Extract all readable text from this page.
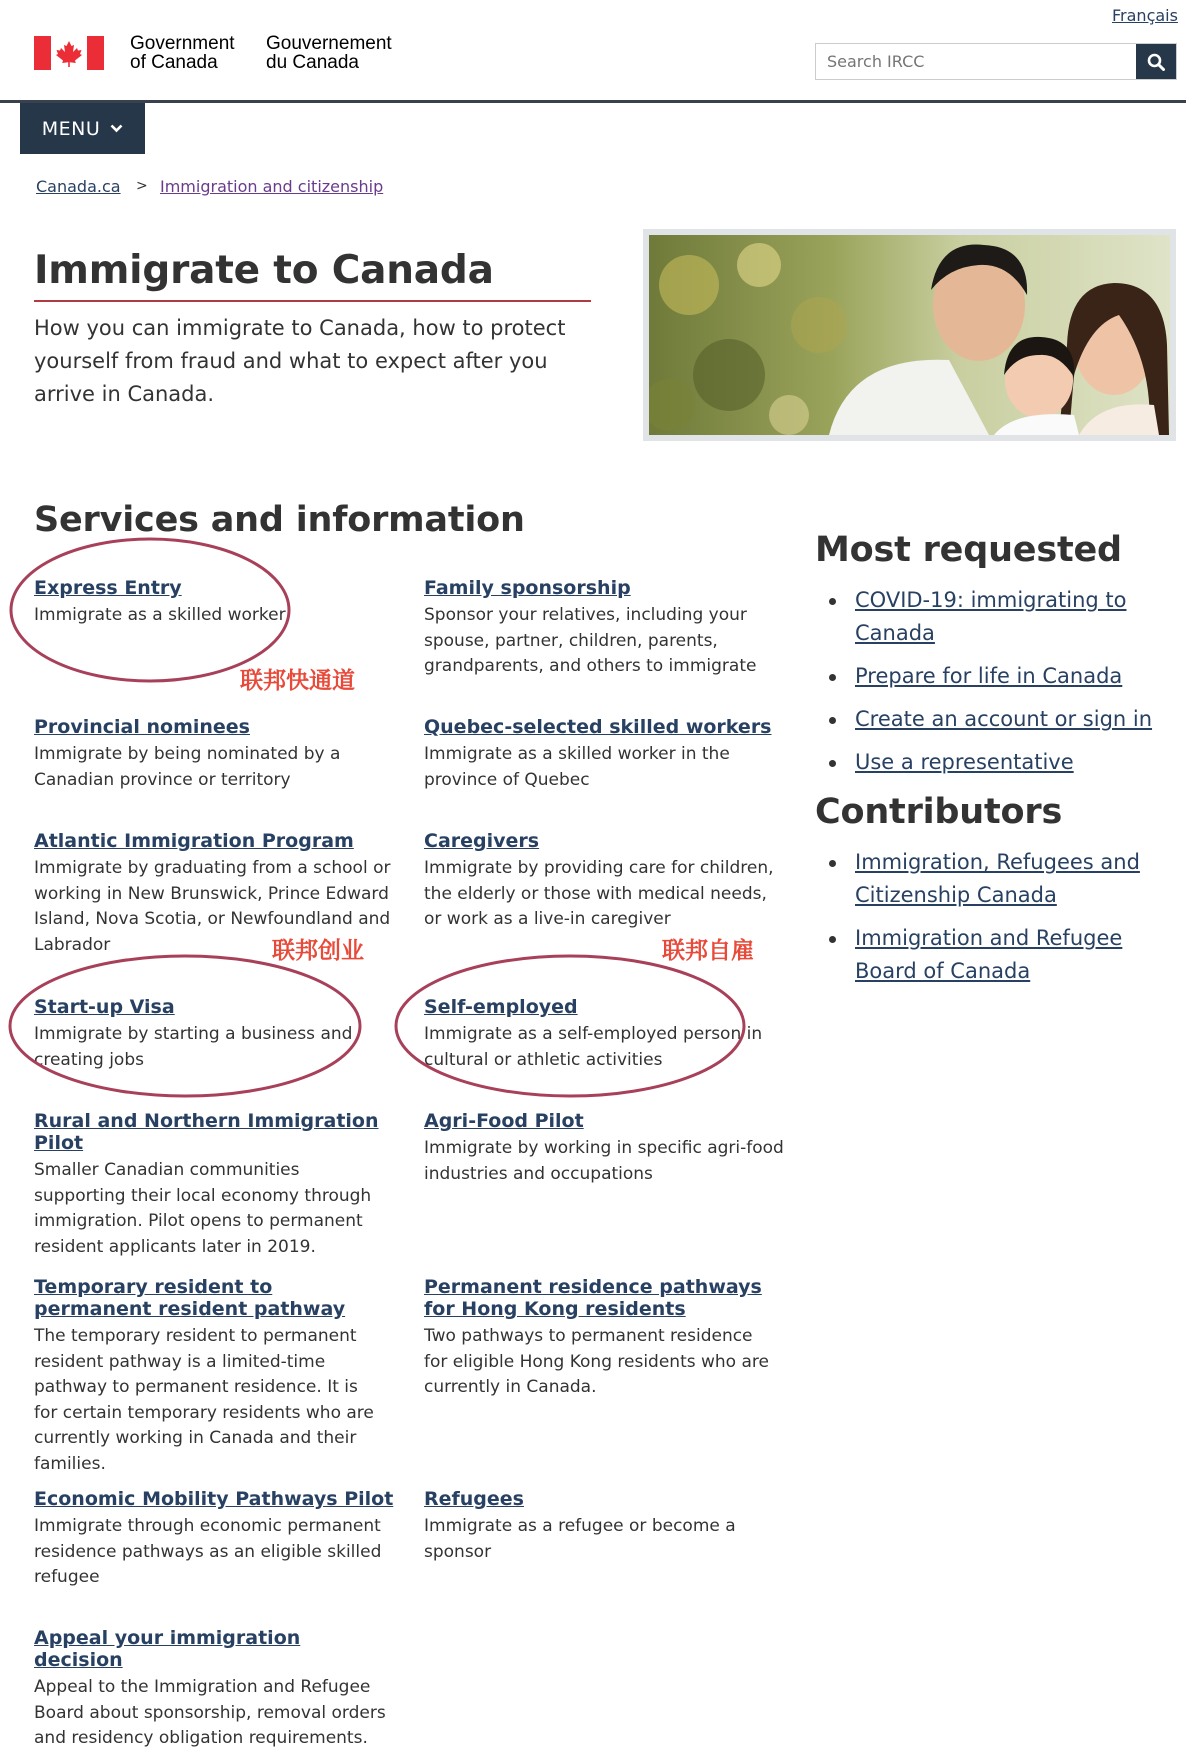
Français
Government
of Canada
Gouvernement
du Canada
Search IRCC
MENU
Canada.ca > Immigration and citizenship
Immigrate to Canada

How you can immigrate to Canada, how to protect yourself from fraud and what to expect after you arrive in Canada.

Services and information
Express Entry

Immigrate as a skilled worker

Family sponsorship

Sponsor your relatives, including your spouse, partner, children, parents, grandparents, and others to immigrate

Provincial nominees

Immigrate by being nominated by a Canadian province or territory

Quebec-selected skilled workers

Immigrate as a skilled worker in the province of Quebec

Atlantic Immigration Program

Immigrate by graduating from a school or working in New Brunswick, Prince Edward Island, Nova Scotia, or Newfoundland and Labrador

Caregivers

Immigrate by providing care for children, the elderly or those with medical needs, or work as a live-in caregiver

Start-up Visa

Immigrate by starting a business and creating jobs

Self-employed

Immigrate as a self-employed person in cultural or athletic activities

Rural and Northern Immigration Pilot

Smaller Canadian communities supporting their local economy through immigration. Pilot opens to permanent resident applicants later in 2019.

Agri-Food Pilot

Immigrate by working in specific agri-food industries and occupations

Temporary resident to permanent resident pathway

The temporary resident to permanent resident pathway is a limited-time pathway to permanent residence. It is for certain temporary residents who are currently working in Canada and their families.

Permanent residence pathways for Hong Kong residents

Two pathways to permanent residence for eligible Hong Kong residents who are currently in Canada.

Economic Mobility Pathways Pilot

Immigrate through economic permanent residence pathways as an eligible skilled refugee

Refugees

Immigrate as a refugee or become a sponsor

Appeal your immigration decision

Appeal to the Immigration and Refugee Board about sponsorship, removal orders and residency obligation requirements.

Most requested
COVID-19: immigrating to Canada
Prepare for life in Canada
Create an account or sign in
Use a representative
Contributors
Immigration, Refugees and Citizenship Canada
Immigration and Refugee Board of Canada
联邦快通道
联邦创业	联邦自雇
